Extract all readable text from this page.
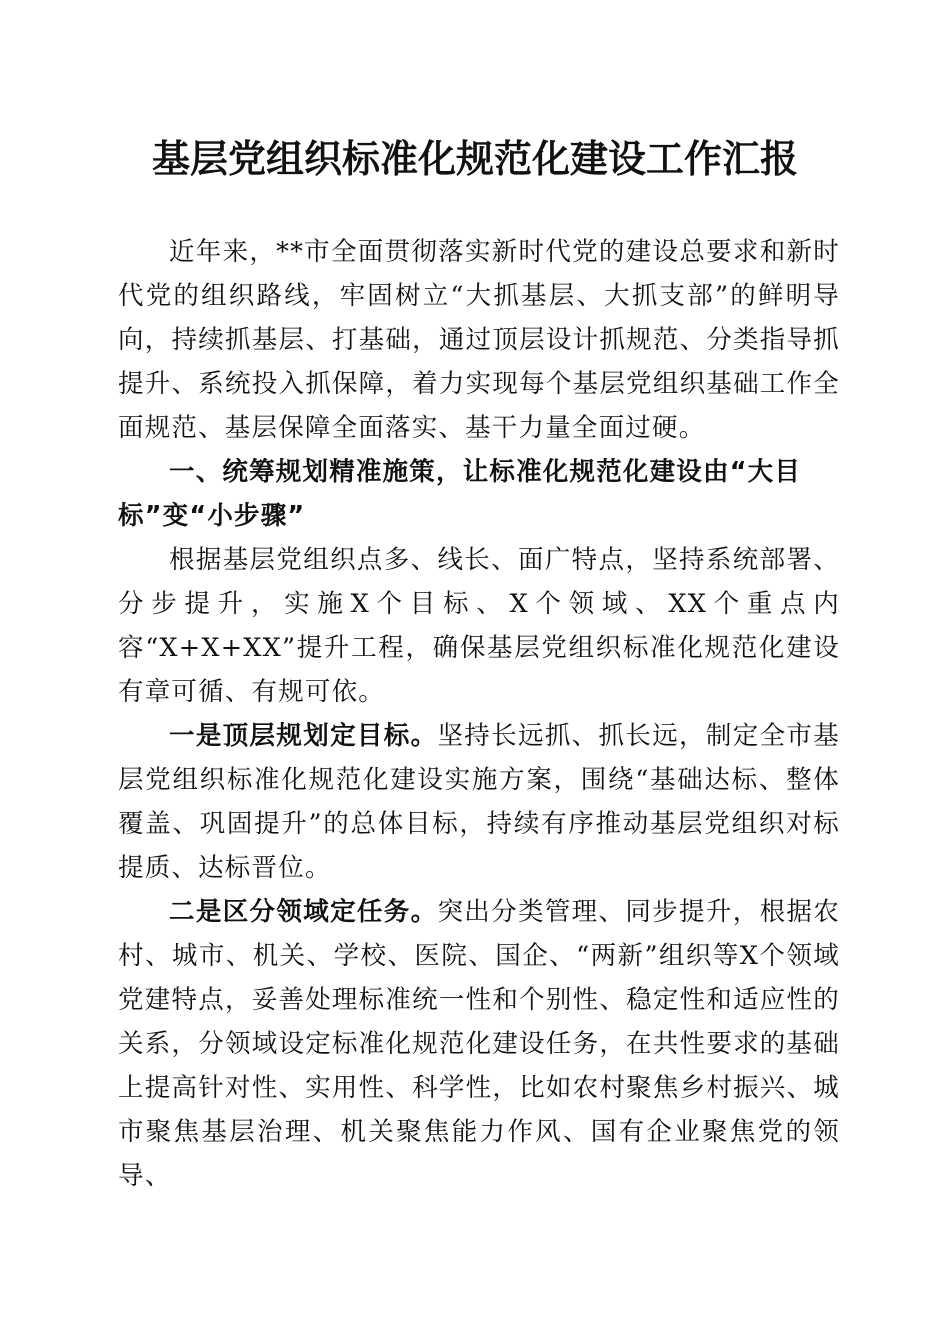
基层党组织标准化规范化建设工作汇报

近年来，**市全面贯彻落实新时代党的建设总要求和新时代党的组织路线，牢固树立“大抓基层、大抓支部”的鲜明导向，持续抓基层、打基础，通过顶层设计抓规范、分类指导抓提升、系统投入抓保障，着力实现每个基层党组织基础工作全面规范、基层保障全面落实、基干力量全面过硬。

一、统筹规划精准施策，让标准化规范化建设由“大目标”变“小步骤”

根据基层党组织点多、线长、面广特点，坚持系统部署、分步提升，实施X个目标、X个领域、XX个重点内容“X+X+XX”提升工程，确保基层党组织标准化规范化建设有章可循、有规可依。

一是顶层规划定目标。坚持长远抓、抓长远，制定全市基层党组织标准化规范化建设实施方案，围绕“基础达标、整体覆盖、巩固提升”的总体目标，持续有序推动基层党组织对标提质、达标晋位。

二是区分领域定任务。突出分类管理、同步提升，根据农村、城市、机关、学校、医院、国企、“两新”组织等X个领域党建特点，妥善处理标准统一性和个别性、稳定性和适应性的关系，分领域设定标准化规范化建设任务，在共性要求的基础上提高针对性、实用性、科学性，比如农村聚焦乡村振兴、城市聚焦基层治理、机关聚焦能力作风、国有企业聚焦党的领导、
